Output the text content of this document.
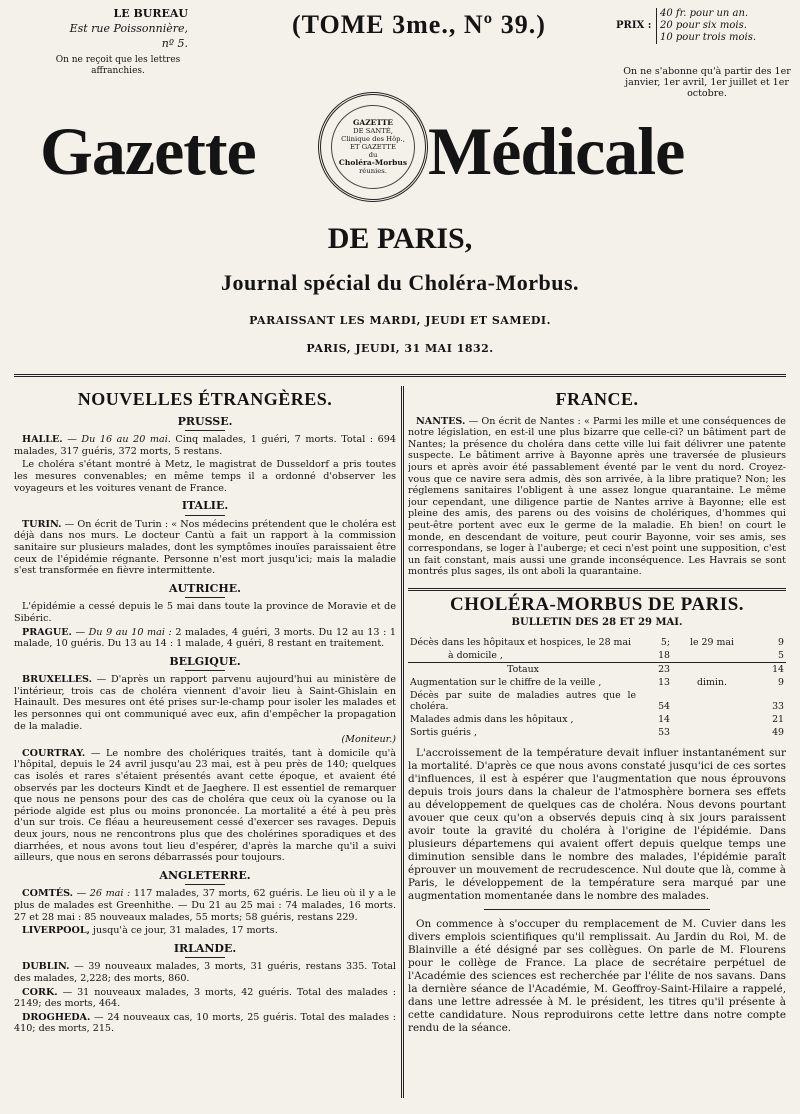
LE BUREAU
Est rue Poissonnière,
nº 5.
On ne reçoit que les lettres affranchies.
(TOME 3me., Nº 39.)	PRIX :
40 fr. pour un an.
20 pour six mois.
10 pour trois mois.
On ne s'abonne qu'à partir des 1er janvier, 1er avril, 1er juillet et 1er octobre.
Gazette	GAZETTE
DE SANTÉ,
Clinique des Hôp.,
ET GAZETTE
du
Choléra-Morbus
réunies. Médicale
DE PARIS,
Journal spécial du Choléra-Morbus.
PARAISSANT LES MARDI, JEUDI ET SAMEDI.
PARIS, JEUDI, 31 MAI 1832.
NOUVELLES ÉTRANGÈRES.
PRUSSE.

HALLE. — Du 16 au 20 mai. Cinq malades, 1 guéri, 7 morts. Total : 694 malades, 317 guéris, 372 morts, 5 restans.

Le choléra s'étant montré à Metz, le magistrat de Dusseldorf a pris toutes les mesures convenables; en même temps il a ordonné d'observer les voyageurs et les voitures venant de France.

ITALIE.

TURIN. — On écrit de Turin : « Nos médecins prétendent que le choléra est déjà dans nos murs. Le docteur Cantù a fait un rapport à la commission sanitaire sur plusieurs malades, dont les symptômes inouïes paraissaient être ceux de l'épidémie régnante. Personne n'est mort jusqu'ici; mais la maladie s'est transformée en fièvre intermittente.

AUTRICHE.

L'épidémie a cessé depuis le 5 mai dans toute la province de Moravie et de Sibéric.

PRAGUE. — Du 9 au 10 mai : 2 malades, 4 guéri, 3 morts. Du 12 au 13 : 1 malade, 10 guéris. Du 13 au 14 : 1 malade, 4 guéri, 8 restant en traitement.

BELGIQUE.

BRUXELLES. — D'après un rapport parvenu aujourd'hui au ministère de l'intérieur, trois cas de choléra viennent d'avoir lieu à Saint-Ghislain en Hainault. Des mesures ont été prises sur-le-champ pour isoler les malades et les personnes qui ont communiqué avec eux, afin d'empêcher la propagation de la maladie.

(Moniteur.)

COURTRAY. — Le nombre des cholériques traités, tant à domicile qu'à l'hôpital, depuis le 24 avril jusqu'au 23 mai, est à peu près de 140; quelques cas isolés et rares s'étaient présentés avant cette époque, et avaient été observés par les docteurs Kindt et de Jaeghere. Il est essentiel de remarquer que nous ne pensons pour des cas de choléra que ceux où la cyanose ou la période algide est plus ou moins prononcée. La mortalité a été à peu près d'un sur trois. Ce fléau a heureusement cessé d'exercer ses ravages. Depuis deux jours, nous ne rencontrons plus que des cholérines sporadiques et des diarrhées, et nous avons tout lieu d'espérer, d'après la marche qu'il a suivi ailleurs, que nous en serons débarrassés pour toujours.

ANGLETERRE.

COMTÉS. — 26 mai : 117 malades, 37 morts, 62 guéris. Le lieu où il y a le plus de malades est Greenhithe. — Du 21 au 25 mai : 74 malades, 16 morts. 27 et 28 mai : 85 nouveaux malades, 55 morts; 58 guéris, restans 229.

LIVERPOOL, jusqu'à ce jour, 31 malades, 17 morts.

IRLANDE.

DUBLIN. — 39 nouveaux malades, 3 morts, 31 guéris, restans 335. Total des malades, 2,228; des morts, 860.

CORK. — 31 nouveaux malades, 3 morts, 42 guéris. Total des malades : 2149; des morts, 464.

DROGHEDA. — 24 nouveaux cas, 10 morts, 25 guéris. Total des malades : 410; des morts, 215.

FRANCE.

NANTES. — On écrit de Nantes : « Parmi les mille et une conséquences de notre législation, en est-il une plus bizarre que celle-ci? un bâtiment part de Nantes; la présence du choléra dans cette ville lui fait délivrer une patente suspecte. Le bâtiment arrive à Bayonne après une traversée de plusieurs jours et après avoir été passablement éventé par le vent du nord. Croyez-vous que ce navire sera admis, dès son arrivée, à la libre pratique? Non; les réglemens sanitaires l'obligent à une assez longue quarantaine. Le même jour cependant, une diligence partie de Nantes arrive à Bayonne; elle est pleine des amis, des parens ou des voisins de cholériques, d'hommes qui peut-être portent avec eux le germe de la maladie. Eh bien! on court le monde, en descendant de voiture, peut courir Bayonne, voir ses amis, ses correspondans, se loger à l'auberge; et ceci n'est point une supposition, c'est un fait constant, mais aussi une grande inconséquence. Les Havrais se sont montrés plus sages, ils ont aboli la quarantaine.

CHOLÉRA-MORBUS DE PARIS.
BULLETIN DES 28 ET 29 MAI.
Décès dans les hôpitaux et hospices, le 28 mai	5;	le 29 mai	9
à domicile ,	18		5
Totaux	23		14
Augmentation sur le chiffre de la veille ,	13	dimin.	9
Décès par suite de maladies autres que le choléra.	54		33
Malades admis dans les hôpitaux ,	14		21
Sortis guéris ,	53		49

L'accroissement de la température devait influer instantanément sur la mortalité. D'après ce que nous avons constaté jusqu'ici de ces sortes d'influences, il est à espérer que l'augmentation que nous éprouvons depuis trois jours dans la chaleur de l'atmosphère bornera ses effets au développement de quelques cas de choléra. Nous devons pourtant avouer que ceux qu'on a observés depuis cinq à six jours paraissent avoir toute la gravité du choléra à l'origine de l'épidémie. Dans plusieurs départemens qui avaient offert depuis quelque temps une diminution sensible dans le nombre des malades, l'épidémie paraît éprouver un mouvement de recrudescence. Nul doute que là, comme à Paris, le développement de la température sera marqué par une augmentation momentanée dans le nombre des malades.

On commence à s'occuper du remplacement de M. Cuvier dans les divers emplois scientifiques qu'il remplissait. Au Jardin du Roi, M. de Blainville a été désigné par ses collègues. On parle de M. Flourens pour le collège de France. La place de secrétaire perpétuel de l'Académie des sciences est recherchée par l'élite de nos savans. Dans la dernière séance de l'Académie, M. Geoffroy-Saint-Hilaire a rappelé, dans une lettre adressée à M. le président, les titres qu'il présente à cette candidature. Nous reproduirons cette lettre dans notre compte rendu de la séance.
